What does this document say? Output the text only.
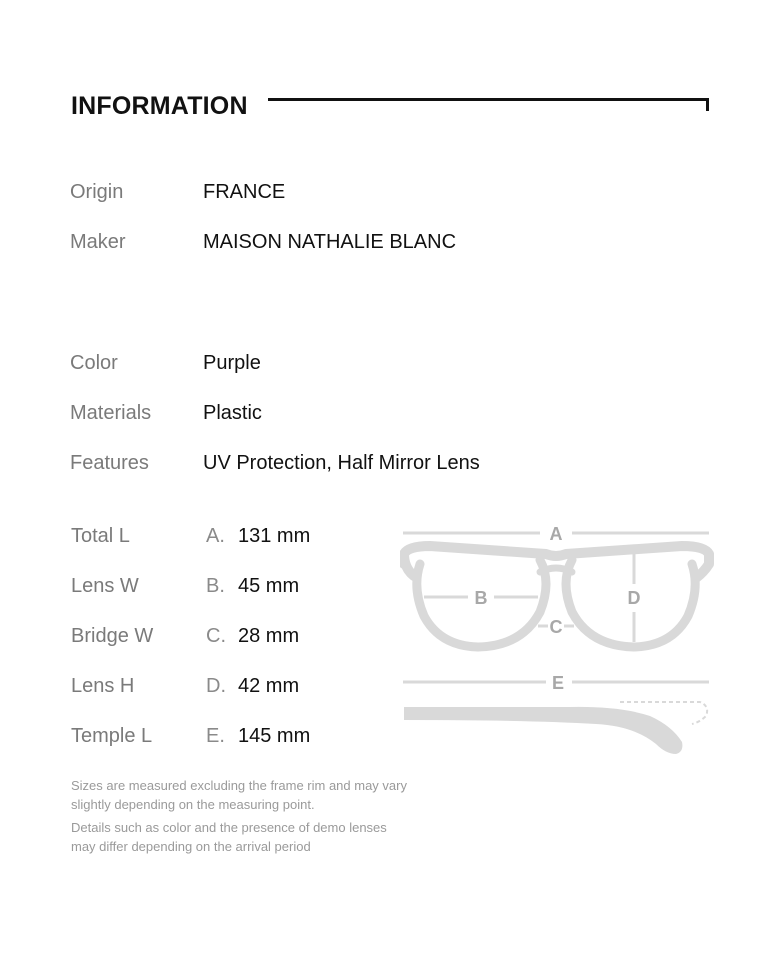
INFORMATION
Origin	FRANCE
Maker	MAISON NATHALIE BLANC
Color	Purple
Materials	Plastic
Features	UV Protection, Half Mirror Lens
Total L	A. 131 mm
Lens W	B. 45 mm
Bridge W	C. 28 mm
Lens H	D. 42 mm
Temple L	E. 145 mm
A
B
C
D
E
Sizes are measured excluding the frame rim and may vary slightly depending on the measuring point.
Details such as color and the presence of demo lenses may differ depending on the arrival period
